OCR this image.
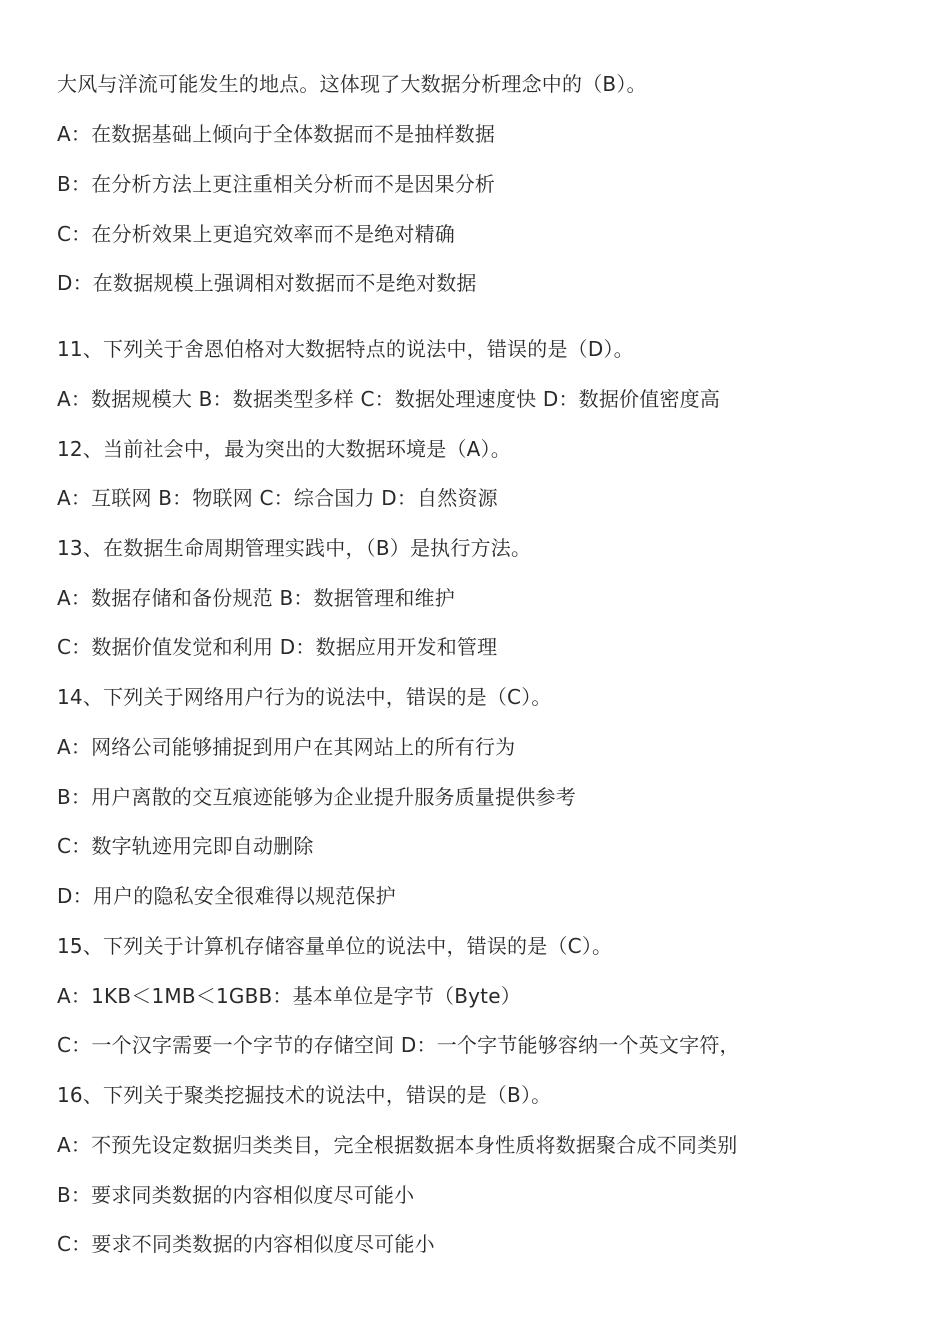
大风与洋流可能发生的地点。这体现了大数据分析理念中的（B）。
A：在数据基础上倾向于全体数据而不是抽样数据
B：在分析方法上更注重相关分析而不是因果分析
C：在分析效果上更追究效率而不是绝对精确
D：在数据规模上强调相对数据而不是绝对数据
11、下列关于舍恩伯格对大数据特点的说法中，错误的是（D）。
A：数据规模大 B：数据类型多样 C：数据处理速度快 D：数据价值密度高
12、当前社会中，最为突出的大数据环境是（A）。
A：互联网 B：物联网 C：综合国力 D：自然资源
13、在数据生命周期管理实践中，（B）是执行方法。
A：数据存储和备份规范 B：数据管理和维护
C：数据价值发觉和利用 D：数据应用开发和管理
14、下列关于网络用户行为的说法中，错误的是（C）。
A：网络公司能够捕捉到用户在其网站上的所有行为
B：用户离散的交互痕迹能够为企业提升服务质量提供参考
C：数字轨迹用完即自动删除
D：用户的隐私安全很难得以规范保护
15、下列关于计算机存储容量单位的说法中，错误的是（C）。
A：1KB＜1MB＜1GBB：基本单位是字节（Byte）
C：一个汉字需要一个字节的存储空间 D：一个字节能够容纳一个英文字符，
16、下列关于聚类挖掘技术的说法中，错误的是（B）。
A：不预先设定数据归类类目，完全根据数据本身性质将数据聚合成不同类别
B：要求同类数据的内容相似度尽可能小
C：要求不同类数据的内容相似度尽可能小
